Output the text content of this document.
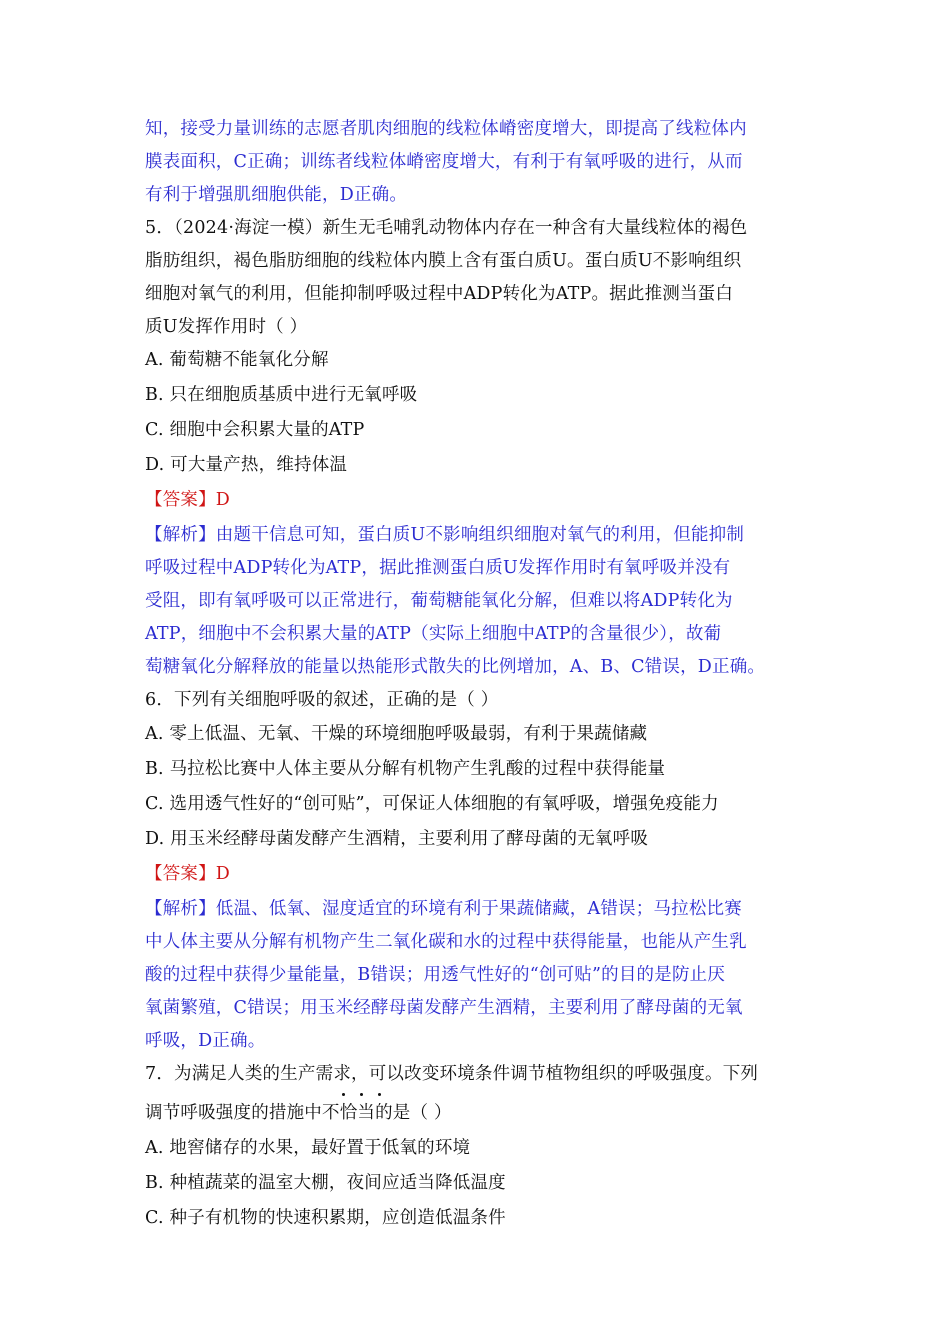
知，接受力量训练的志愿者肌肉细胞的线粒体嵴密度增大，即提高了线粒体内
膜表面积，C正确；训练者线粒体嵴密度增大，有利于有氧呼吸的进行，从而
有利于增强肌细胞供能，D正确。
5．（2024·海淀一模）新生无毛哺乳动物体内存在一种含有大量线粒体的褐色
脂肪组织，褐色脂肪细胞的线粒体内膜上含有蛋白质U。蛋白质U不影响组织
细胞对氧气的利用，但能抑制呼吸过程中ADP转化为ATP。据此推测当蛋白
质U发挥作用时（ ）
A. 葡萄糖不能氧化分解
B. 只在细胞质基质中进行无氧呼吸
C. 细胞中会积累大量的ATP
D. 可大量产热，维持体温
【答案】D
【解析】由题干信息可知，蛋白质U不影响组织细胞对氧气的利用，但能抑制
呼吸过程中ADP转化为ATP，据此推测蛋白质U发挥作用时有氧呼吸并没有
受阻，即有氧呼吸可以正常进行，葡萄糖能氧化分解，但难以将ADP转化为
ATP，细胞中不会积累大量的ATP（实际上细胞中ATP的含量很少），故葡
萄糖氧化分解释放的能量以热能形式散失的比例增加，A、B、C错误，D正确。
6．下列有关细胞呼吸的叙述，正确的是（ ）
A. 零上低温、无氧、干燥的环境细胞呼吸最弱，有利于果蔬储藏
B. 马拉松比赛中人体主要从分解有机物产生乳酸的过程中获得能量
C. 选用透气性好的“创可贴”，可保证人体细胞的有氧呼吸，增强免疫能力
D. 用玉米经酵母菌发酵产生酒精，主要利用了酵母菌的无氧呼吸
【答案】D
【解析】低温、低氧、湿度适宜的环境有利于果蔬储藏，A错误；马拉松比赛
中人体主要从分解有机物产生二氧化碳和水的过程中获得能量，也能从产生乳
酸的过程中获得少量能量，B错误；用透气性好的“创可贴”的目的是防止厌
氧菌繁殖，C错误；用玉米经酵母菌发酵产生酒精，主要利用了酵母菌的无氧
呼吸，D正确。
7．为满足人类的生产需求，可以改变环境条件调节植物组织的呼吸强度。下列
调节呼吸强度的措施中不恰当的是（ ）
A. 地窖储存的水果，最好置于低氧的环境
B. 种植蔬菜的温室大棚，夜间应适当降低温度
C. 种子有机物的快速积累期，应创造低温条件
